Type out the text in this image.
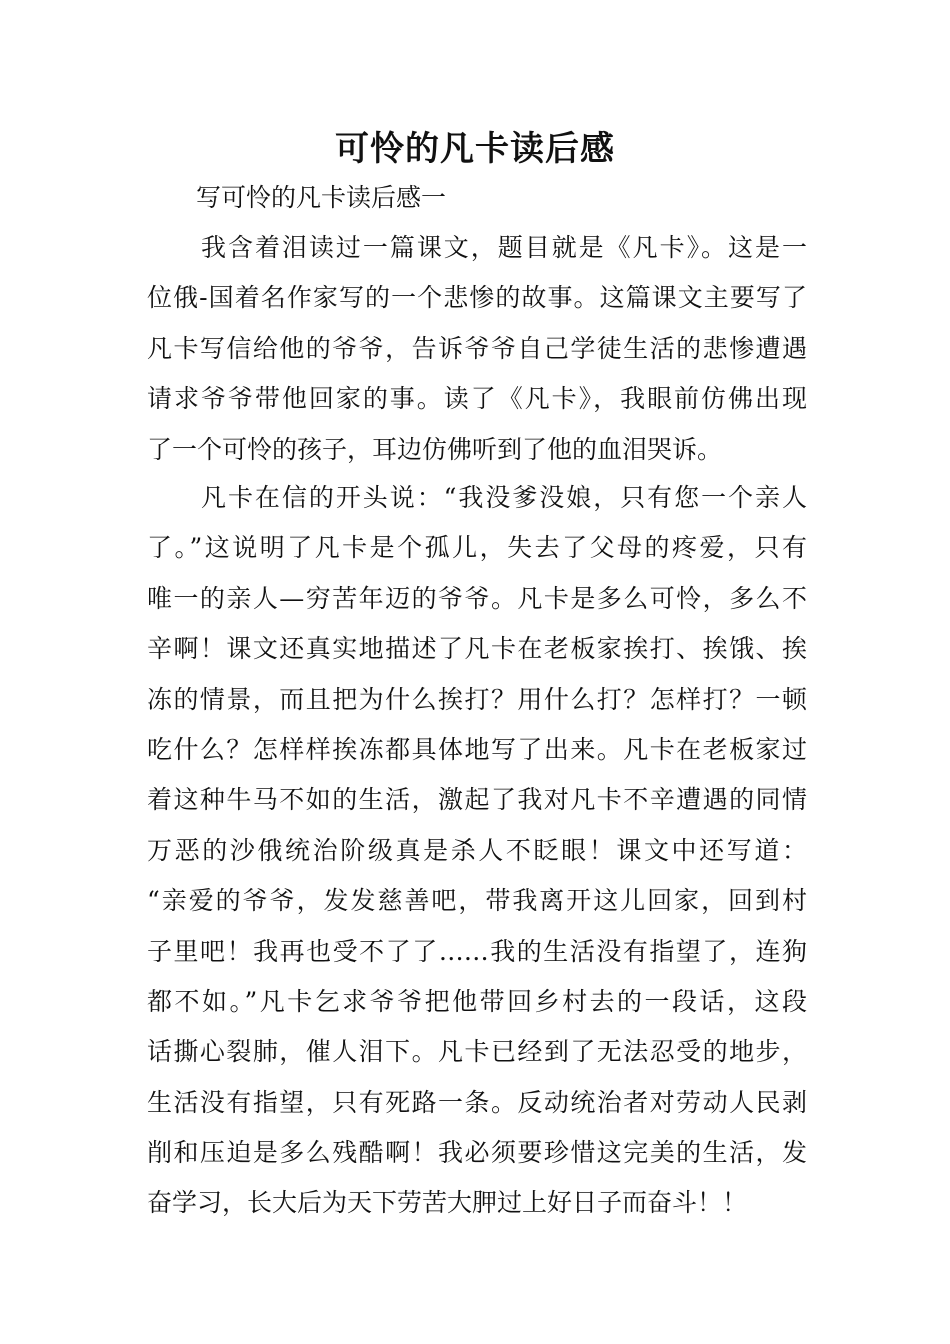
可怜的凡卡读后感
写可怜的凡卡读后感一
我含着泪读过一篇课文，题目就是《凡卡》。这是一
位俄-国着名作家写的一个悲惨的故事。这篇课文主要写了
凡卡写信给他的爷爷，告诉爷爷自己学徒生活的悲惨遭遇
请求爷爷带他回家的事。读了《凡卡》，我眼前仿佛出现
了一个可怜的孩子，耳边仿佛听到了他的血泪哭诉。
凡卡在信的开头说：“我没爹没娘，只有您一个亲人
了。”这说明了凡卡是个孤儿，失去了父母的疼爱，只有
唯一的亲人—穷苦年迈的爷爷。凡卡是多么可怜，多么不
辛啊！课文还真实地描述了凡卡在老板家挨打、挨饿、挨
冻的情景，而且把为什么挨打？用什么打？怎样打？一顿
吃什么？怎样样挨冻都具体地写了出来。凡卡在老板家过
着这种牛马不如的生活，激起了我对凡卡不辛遭遇的同情
万恶的沙俄统治阶级真是杀人不眨眼！课文中还写道：
“亲爱的爷爷，发发慈善吧，带我离开这儿回家，回到村
子里吧！我再也受不了了……我的生活没有指望了，连狗
都不如。”凡卡乞求爷爷把他带回乡村去的一段话，这段
话撕心裂肺，催人泪下。凡卡已经到了无法忍受的地步，
生活没有指望，只有死路一条。反动统治者对劳动人民剥
削和压迫是多么残酷啊！我必须要珍惜这完美的生活，发
奋学习，长大后为天下劳苦大胛过上好日子而奋斗！！
